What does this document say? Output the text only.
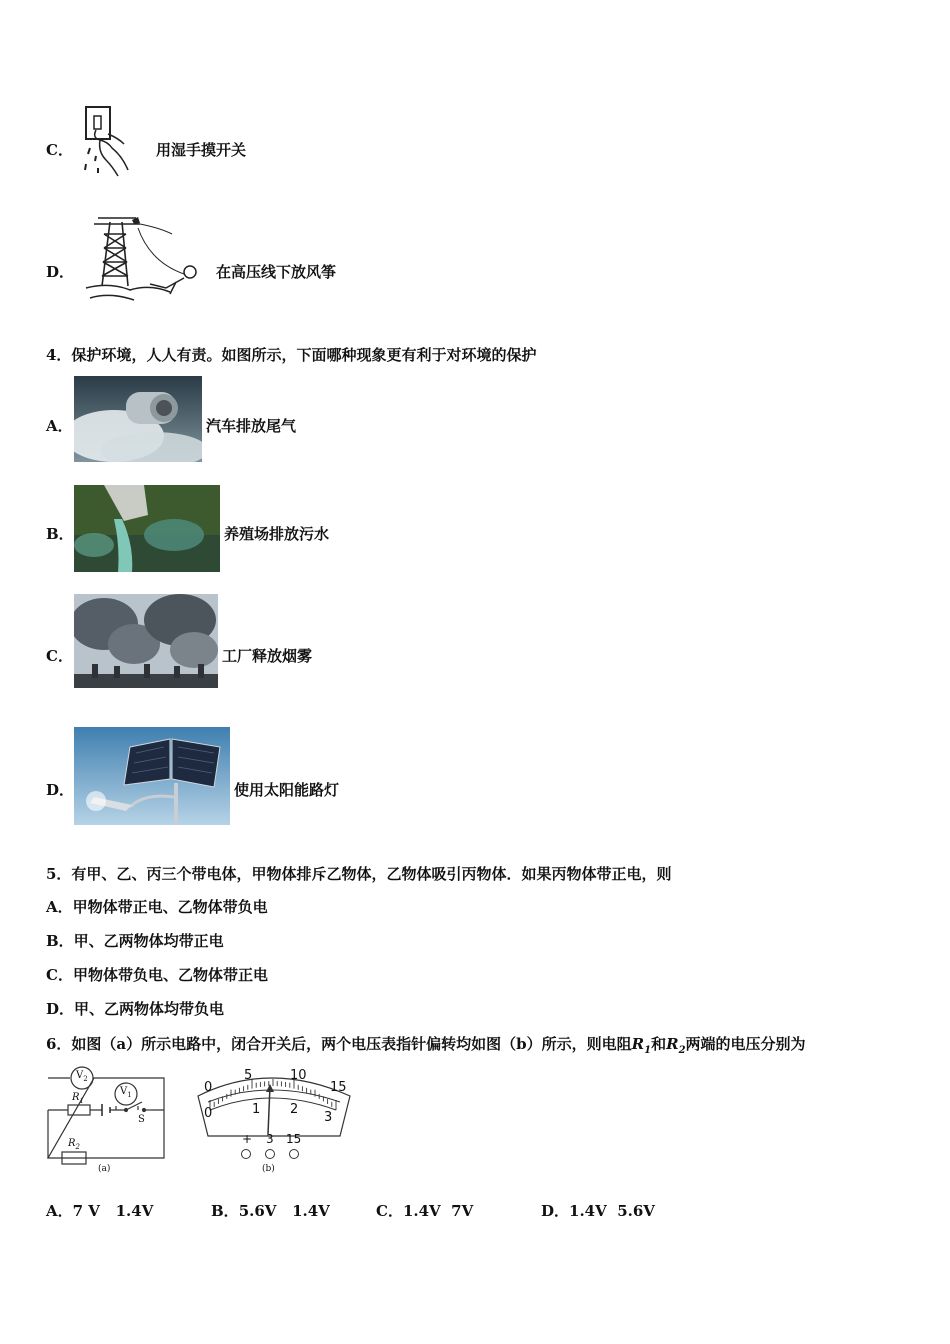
C．	用湿手摸开关
D．	在高压线下放风筝
4．保护环境，人人有责。如图所示，下面哪种现象更有利于对环境的保护
A．	汽车排放尾气
B．	养殖场排放污水
C．	工厂释放烟雾
D．	使用太阳能路灯
5．有甲、乙、丙三个带电体，甲物体排斥乙物体，乙物体吸引丙物体．如果丙物体带正电，则
A．甲物体带正电、乙物体带负电
B．甲、乙两物体均带正电
C．甲物体带负电、乙物体带正电
D．甲、乙两物体均带负电
6．如图（a）所示电路中，闭合开关后，两个电压表指针偏转均如图（b）所示，则电阻$R_1$和$R_2$两端的电压分别为
$V_2$
$V_1$
$R_1$
$R_2$
S
(a)
0
5	10
15
0	1 2
3
+ 3 15
(b)
A．7 V   1.4V	B．5.6V   1.4V	C．1.4V  7V	D．1.4V  5.6V
